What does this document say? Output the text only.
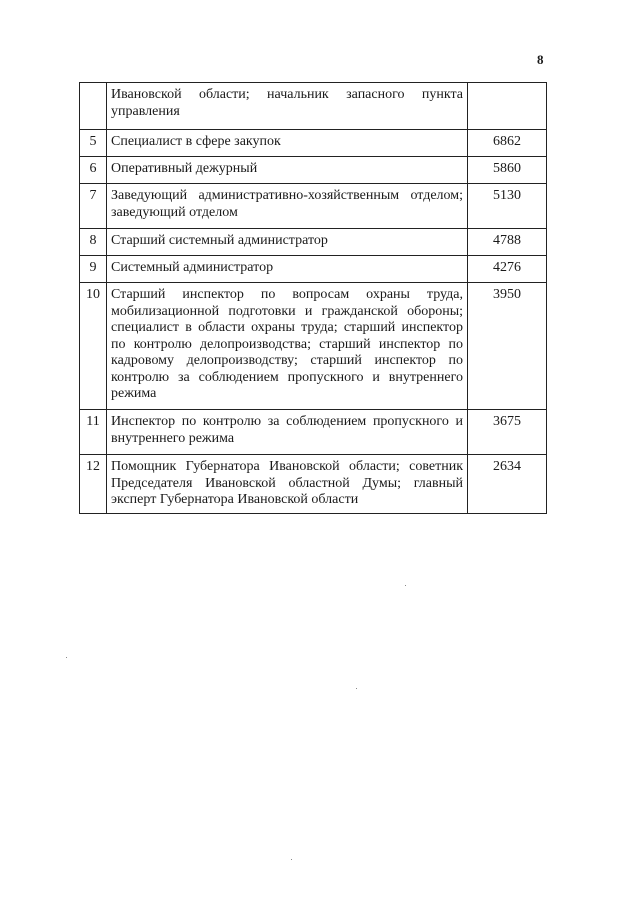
8
	Ивановской области; начальник запасного пункта управления	
5	Специалист в сфере закупок	6862
6	Оперативный дежурный	5860
7	Заведующий административно-хозяйственным отделом; заведующий отделом	5130
8	Старший системный администратор	4788
9	Системный администратор	4276
10	Старший инспектор по вопросам охраны труда, мобилизационной подготовки и гражданской обороны; специалист в области охраны труда; старший инспектор по контролю делопроизводства; старший инспектор по кадровому делопроизводству; старший инспектор по контролю за соблюдением пропускного и внутреннего режима	3950
11	Инспектор по контролю за соблюдением пропускного и внутреннего режима	3675
12	Помощник Губернатора Ивановской области; советник Председателя Ивановской областной Думы; главный эксперт Губернатора Ивановской области	2634
